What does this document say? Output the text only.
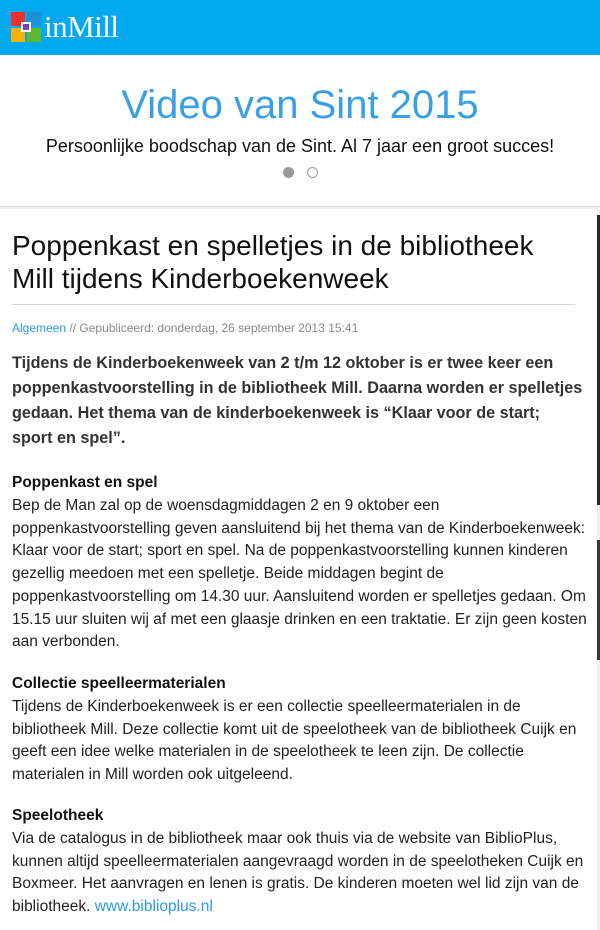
inMill
Video van Sint 2015

Persoonlijke boodschap van de Sint. Al 7 jaar een groot succes!

Poppenkast en spelletjes in de bibliotheek Mill tijdens Kinderboekenweek
Algemeen // Gepubliceerd: donderdag, 26 september 2013 15:41

Tijdens de Kinderboekenweek van 2 t/m 12 oktober is er twee keer een poppenkastvoorstelling in de bibliotheek Mill. Daarna worden er spelletjes gedaan. Het thema van de kinderboekenweek is “Klaar voor de start; sport en spel”.

Poppenkast en spel

Bep de Man zal op de woensdagmiddagen 2 en 9 oktober een poppenkastvoorstelling geven aansluitend bij het thema van de Kinderboekenweek: Klaar voor de start; sport en spel. Na de poppenkastvoorstelling kunnen kinderen gezellig meedoen met een spelletje. Beide middagen begint de poppenkastvoorstelling om 14.30 uur. Aansluitend worden er spelletjes gedaan. Om 15.15 uur sluiten wij af met een glaasje drinken en een traktatie. Er zijn geen kosten aan verbonden.

Collectie speelleermaterialen

Tijdens de Kinderboekenweek is er een collectie speelleermaterialen in de bibliotheek Mill. Deze collectie komt uit de speelotheek van de bibliotheek Cuijk en geeft een idee welke materialen in de speelotheek te leen zijn. De collectie materialen in Mill worden ook uitgeleend.

Speelotheek

Via de catalogus in de bibliotheek maar ook thuis via de website van BiblioPlus, kunnen altijd speelleermaterialen aangevraagd worden in de speelotheken Cuijk en Boxmeer. Het aanvragen en lenen is gratis. De kinderen moeten wel lid zijn van de bibliotheek. www.biblioplus.nl
